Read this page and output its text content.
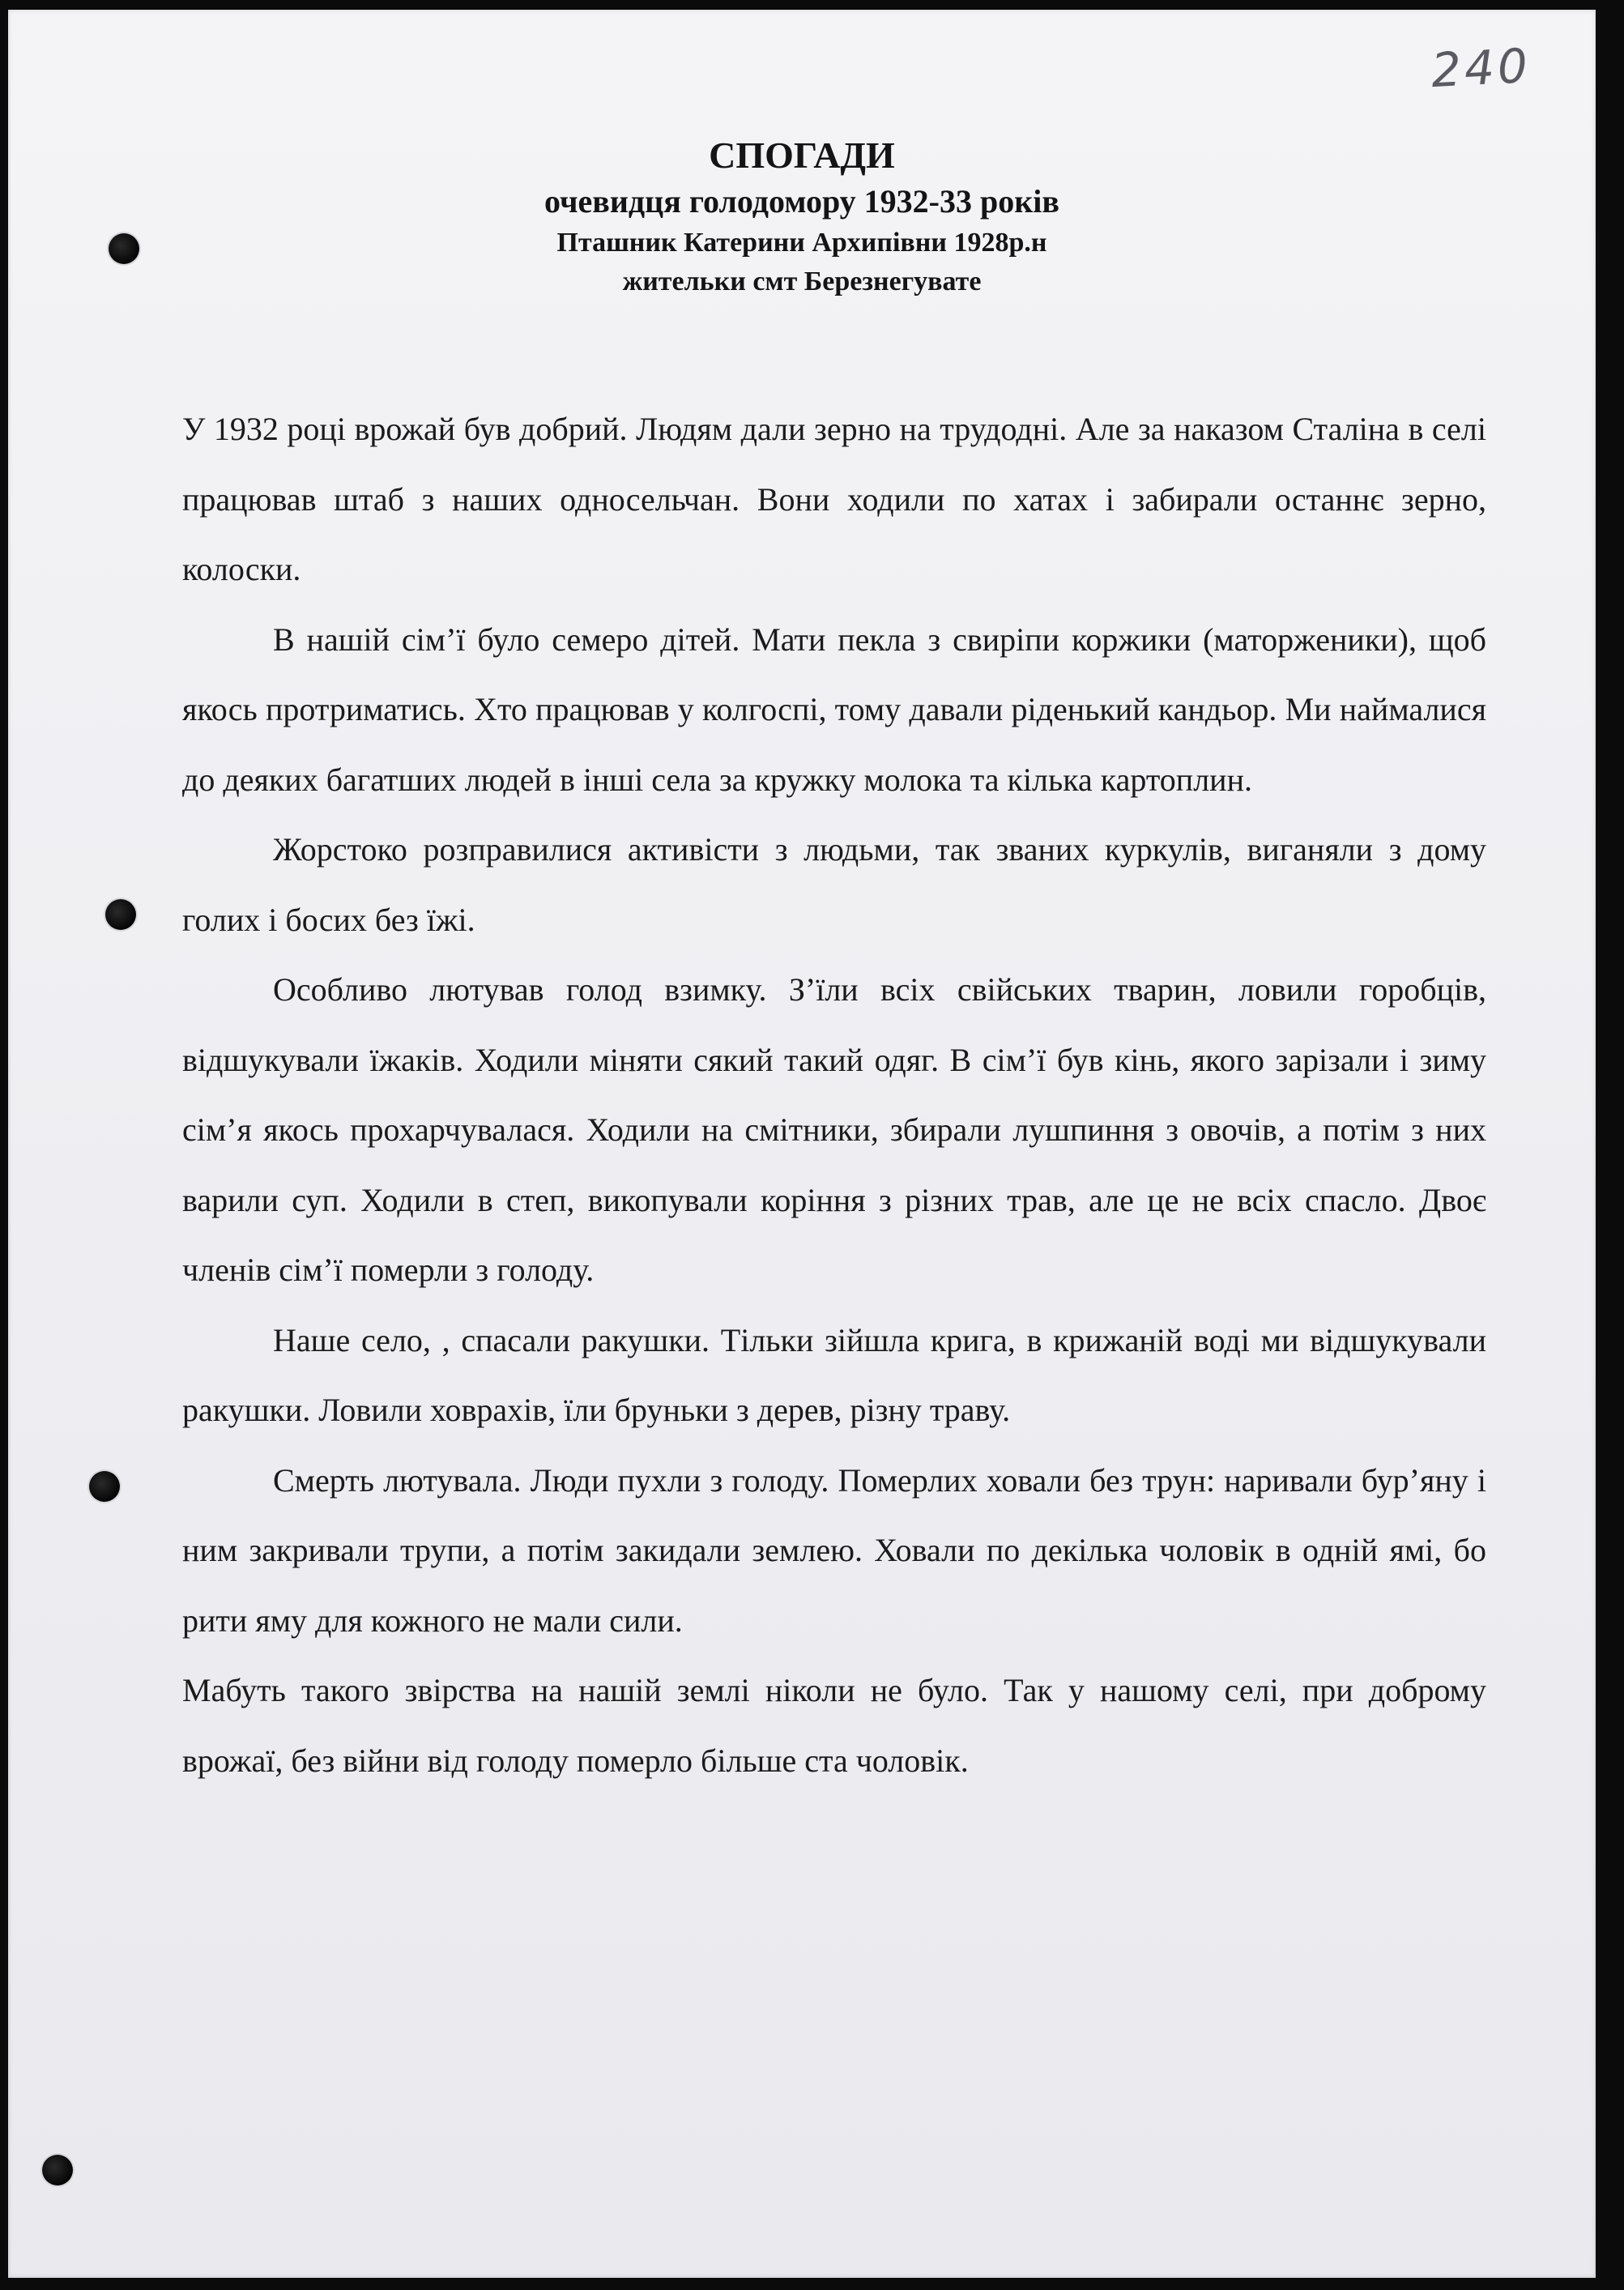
240

СПОГАДИ

очевидця голодомору 1932-33 років

Пташник Катерини Архипівни 1928р.н

жительки смт Березнегувате

У 1932 році врожай був добрий. Людям дали зерно на трудодні. Але за наказом Сталіна в селі працював штаб з наших односельчан. Вони ходили по хатах і забирали останнє зерно, колоски.

В нашій сім’ї було семеро дітей. Мати пекла з свиріпи коржики (маторженики), щоб якось протриматись. Хто працював у колгоспі, тому давали ріденький кандьор. Ми наймалися до деяких багатших людей в інші села за кружку молока та кілька картоплин.

Жорстоко розправилися активісти з людьми, так званих куркулів, виганяли з дому голих і босих без їжі.

Особливо лютував голод взимку. З’їли всіх свійських тварин, ловили горобців, відшукували їжаків. Ходили міняти сякий такий одяг. В сім’ї був кінь, якого зарізали і зиму сім’я якось прохарчувалася. Ходили на смітники, збирали лушпиння з овочів, а потім з них варили суп. Ходили в степ, викопували коріння з різних трав, але це не всіх спасло. Двоє членів сім’ї померли з голоду.

Наше село, , спасали ракушки. Тільки зійшла крига, в крижаній воді ми відшукували ракушки. Ловили ховрахів, їли бруньки з дерев, різну траву.

Смерть лютувала. Люди пухли з голоду. Померлих ховали без трун: наривали бур’яну і ним закривали трупи, а потім закидали землею. Ховали по декілька чоловік в одній ямі, бо рити яму для кожного не мали сили.

Мабуть такого звірства на нашій землі ніколи не було. Так у нашому селі, при доброму врожаї, без війни від голоду померло більше ста чоловік.
